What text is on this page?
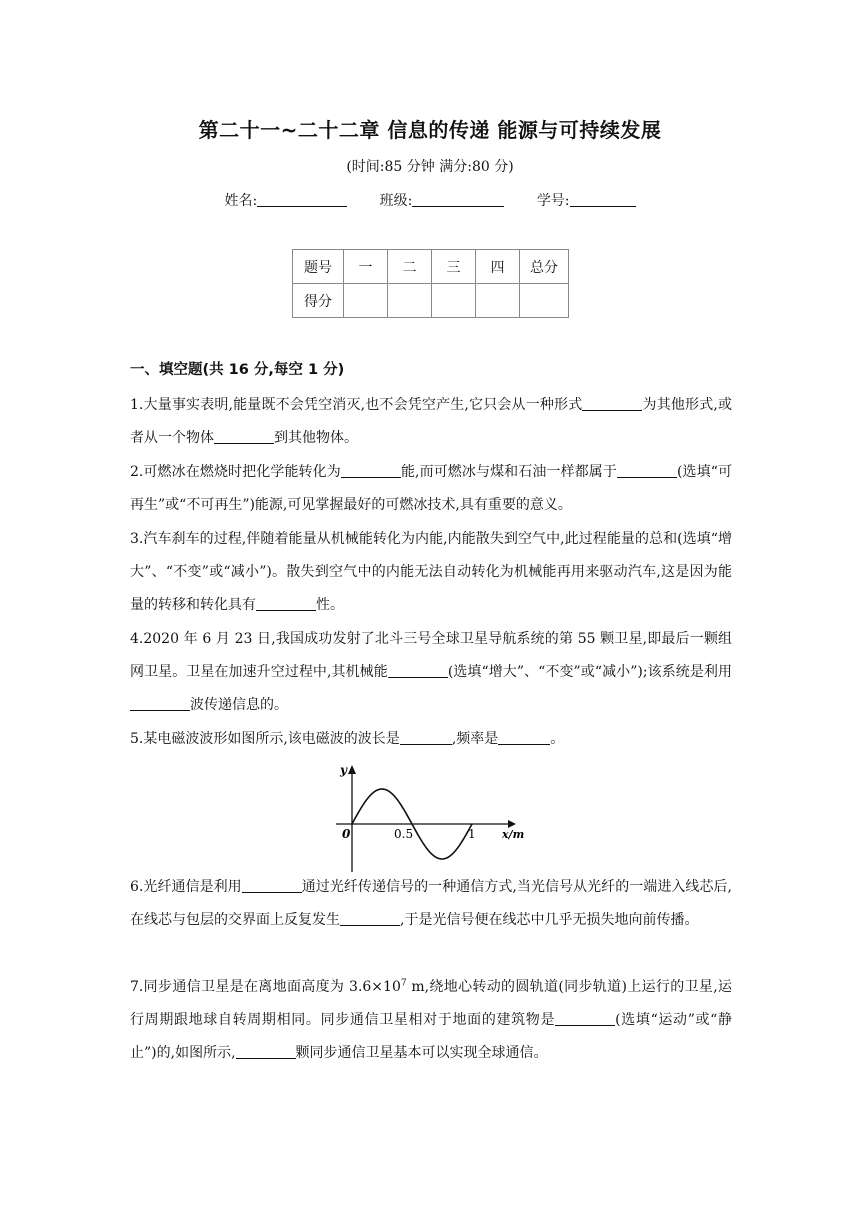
第二十一~二十二章 信息的传递 能源与可持续发展
(时间:85 分钟 满分:80 分)
姓名:	班级:	学号:
题号	一	二	三	四	总分
得分					
一、填空题(共 16 分,每空 1 分)
1.大量事实表明,能量既不会凭空消灭,也不会凭空产生,它只会从一种形式	为其他形式,或者从一个物体	到其他物体。
2.可燃冰在燃烧时把化学能转化为	能,而可燃冰与煤和石油一样都属于	(选填“可再生”或“不可再生”)能源,可见掌握最好的可燃冰技术,具有重要的意义。
3.汽车刹车的过程,伴随着能量从机械能转化为内能,内能散失到空气中,此过程能量的总和(选填“增大”、“不变”或“减小”)。散失到空气中的内能无法自动转化为机械能再用来驱动汽车,这是因为能量的转移和转化具有	性。
4.2020 年 6 月 23 日,我国成功发射了北斗三号全球卫星导航系统的第 55 颗卫星,即最后一颗组网卫星。卫星在加速升空过程中,其机械能	(选填“增大”、“不变”或“减小”);该系统是利用波传递信息的。
5.某电磁波波形如图所示,该电磁波的波长是	,频率是	。
y
x/m
0	0.5	1
6.光纤通信是利用	通过光纤传递信号的一种通信方式,当光信号从光纤的一端进入线芯后,在线芯与包层的交界面上反复发生	,于是光信号便在线芯中几乎无损失地向前传播。
7.同步通信卫星是在离地面高度为 $3.6\times 10^7$ m,绕地心转动的圆轨道(同步轨道)上运行的卫星,运行周期跟地球自转周期相同。同步通信卫星相对于地面的建筑物是	(选填“运动”或“静止”)的,如图所示,	颗同步通信卫星基本可以实现全球通信。
